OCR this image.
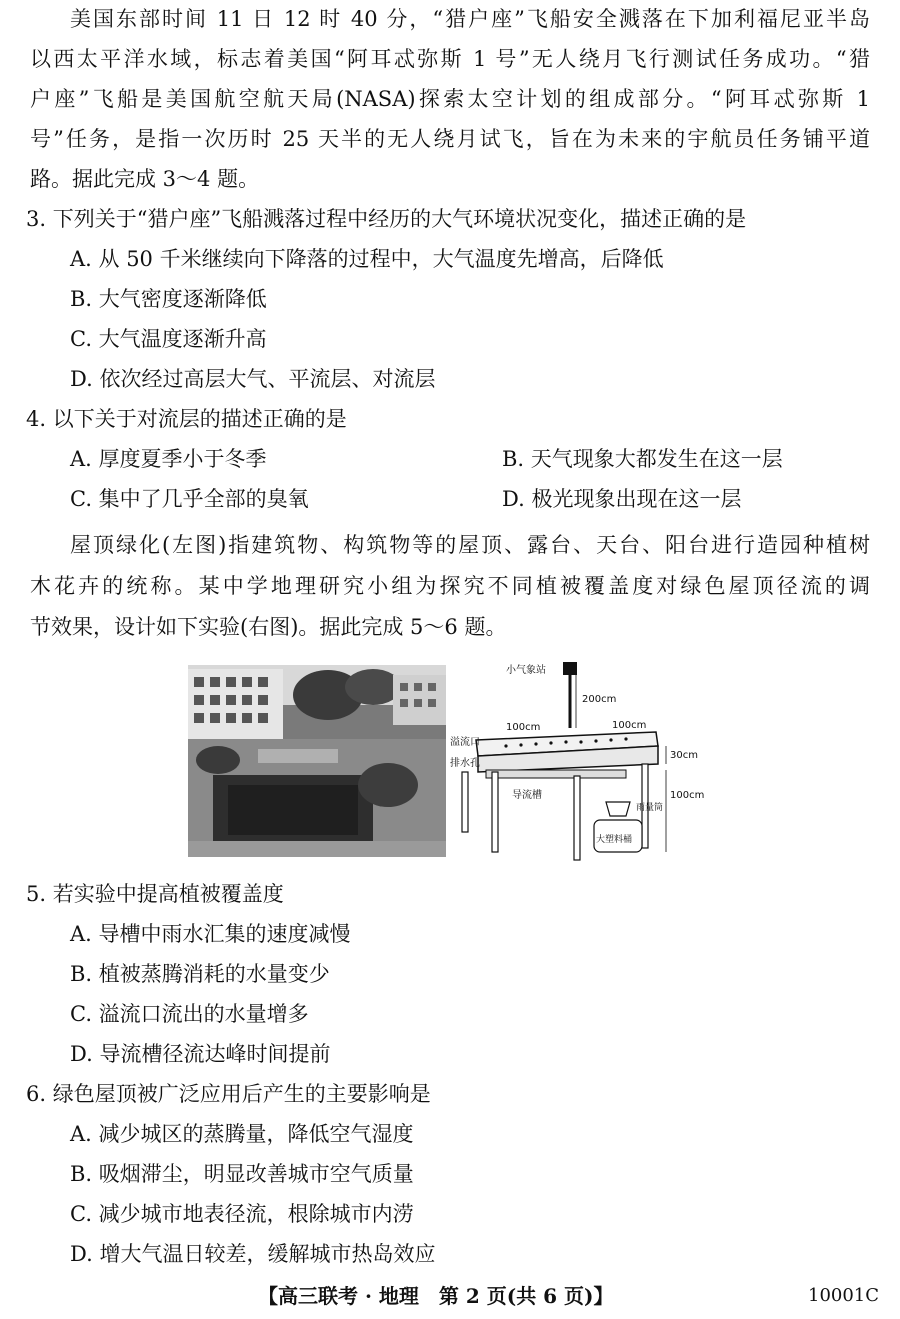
美国东部时间 11 日 12 时 40 分，“猎户座”飞船安全溅落在下加利福尼亚半岛
以西太平洋水域，标志着美国“阿耳忒弥斯 1 号”无人绕月飞行测试任务成功。“猎
户座”飞船是美国航空航天局(NASA)探索太空计划的组成部分。“阿耳忒弥斯 1
号”任务，是指一次历时 25 天半的无人绕月试飞，旨在为未来的宇航员任务铺平道
路。据此完成 3～4 题。
3. 下列关于“猎户座”飞船溅落过程中经历的大气环境状况变化，描述正确的是
A. 从 50 千米继续向下降落的过程中，大气温度先增高，后降低
B. 大气密度逐渐降低
C. 大气温度逐渐升高
D. 依次经过高层大气、平流层、对流层
4. 以下关于对流层的描述正确的是
A. 厚度夏季小于冬季	B. 天气现象大都发生在这一层
C. 集中了几乎全部的臭氧	D. 极光现象出现在这一层
屋顶绿化(左图)指建筑物、构筑物等的屋顶、露台、天台、阳台进行造园种植树
木花卉的统称。某中学地理研究小组为探究不同植被覆盖度对绿色屋顶径流的调
节效果，设计如下实验(右图)。据此完成 5～6 题。
小气象站
200cm
100cm	100cm
溢流口
排水孔
30cm
导流槽
雨量筒
大塑料桶
100cm
5. 若实验中提高植被覆盖度
A. 导槽中雨水汇集的速度减慢
B. 植被蒸腾消耗的水量变少
C. 溢流口流出的水量增多
D. 导流槽径流达峰时间提前
6. 绿色屋顶被广泛应用后产生的主要影响是
A. 减少城区的蒸腾量，降低空气湿度
B. 吸烟滞尘，明显改善城市空气质量
C. 减少城市地表径流，根除城市内涝
D. 增大气温日较差，缓解城市热岛效应
【高三联考 · 地理　第 2 页(共 6 页)】	10001C
